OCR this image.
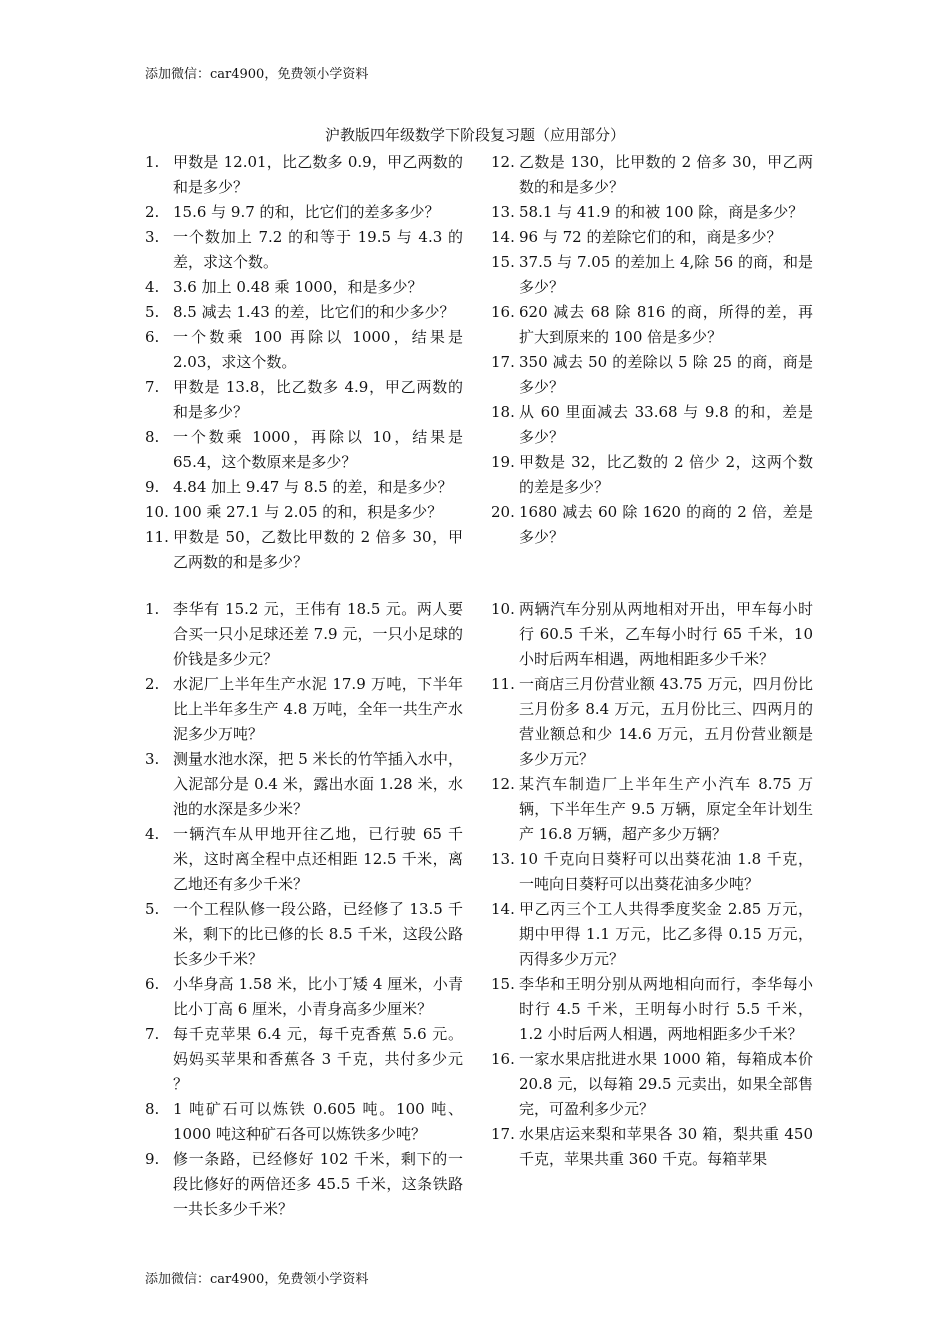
添加微信：car4900，免费领小学资料
沪教版四年级数学下阶段复习题（应用部分）
1. 甲数是 12.01，比乙数多 0.9，甲乙两数的和是多少？
2. 15.6 与 9.7 的和，比它们的差多多少？
3. 一个数加上 7.2 的和等于 19.5 与 4.3 的差，求这个数。
4. 3.6 加上 0.48 乘 1000，和是多少？
5. 8.5 减去 1.43 的差，比它们的和少多少？
6. 一个数乘 100 再除以 1000，结果是 2.03，求这个数。
7. 甲数是 13.8，比乙数多 4.9，甲乙两数的和是多少？
8. 一个数乘 1000，再除以 10，结果是 65.4，这个数原来是多少？
9. 4.84 加上 9.47 与 8.5 的差，和是多少？
10. 100 乘 27.1 与 2.05 的和，积是多少？
11. 甲数是 50，乙数比甲数的 2 倍多 30，甲乙两数的和是多少？
12. 乙数是 130，比甲数的 2 倍多 30，甲乙两数的和是多少？
13. 58.1 与 41.9 的和被 100 除，商是多少？
14. 96 与 72 的差除它们的和，商是多少？
15. 37.5 与 7.05 的差加上 4,除 56 的商，和是多少？
16. 620 减去 68 除 816 的商，所得的差，再扩大到原来的 100 倍是多少？
17. 350 减去 50 的差除以 5 除 25 的商，商是多少？
18. 从 60 里面减去 33.68 与 9.8 的和，差是多少？
19. 甲数是 32，比乙数的 2 倍少 2，这两个数的差是多少？
20. 1680 减去 60 除 1620 的商的 2 倍，差是多少？
1. 李华有 15.2 元，王伟有 18.5 元。两人要合买一只小足球还差 7.9 元，一只小足球的价钱是多少元？
2. 水泥厂上半年生产水泥 17.9 万吨，下半年比上半年多生产 4.8 万吨，全年一共生产水泥多少万吨？
3. 测量水池水深，把 5 米长的竹竿插入水中，入泥部分是 0.4 米，露出水面 1.28 米，水池的水深是多少米？
4. 一辆汽车从甲地开往乙地，已行驶 65 千米，这时离全程中点还相距 12.5 千米，离乙地还有多少千米？
5. 一个工程队修一段公路，已经修了 13.5 千米，剩下的比已修的长 8.5 千米，这段公路长多少千米？
6. 小华身高 1.58 米，比小丁矮 4 厘米，小青比小丁高 6 厘米，小青身高多少厘米？
7. 每千克苹果 6.4 元，每千克香蕉 5.6 元。妈妈买苹果和香蕉各 3 千克，共付多少元 ？
8. 1 吨矿石可以炼铁 0.605 吨。100 吨、1000 吨这种矿石各可以炼铁多少吨？
9. 修一条路，已经修好 102 千米，剩下的一段比修好的两倍还多 45.5 千米，这条铁路一共长多少千米？
10. 两辆汽车分别从两地相对开出，甲车每小时行 60.5 千米，乙车每小时行 65 千米，10 小时后两车相遇，两地相距多少千米？
11. 一商店三月份营业额 43.75 万元，四月份比三月份多 8.4 万元，五月份比三、四两月的营业额总和少 14.6 万元，五月份营业额是多少万元？
12. 某汽车制造厂上半年生产小汽车 8.75 万辆，下半年生产 9.5 万辆，原定全年计划生产 16.8 万辆，超产多少万辆？
13. 10 千克向日葵籽可以出葵花油 1.8 千克，一吨向日葵籽可以出葵花油多少吨？
14. 甲乙丙三个工人共得季度奖金 2.85 万元，期中甲得 1.1 万元，比乙多得 0.15 万元，丙得多少万元？
15. 李华和王明分别从两地相向而行，李华每小时行 4.5 千米，王明每小时行 5.5 千米，1.2 小时后两人相遇，两地相距多少千米？
16. 一家水果店批进水果 1000 箱，每箱成本价 20.8 元，以每箱 29.5 元卖出，如果全部售完，可盈利多少元？
17. 水果店运来梨和苹果各 30 箱，梨共重 450 千克，苹果共重 360 千克。每箱苹果
添加微信：car4900，免费领小学资料
